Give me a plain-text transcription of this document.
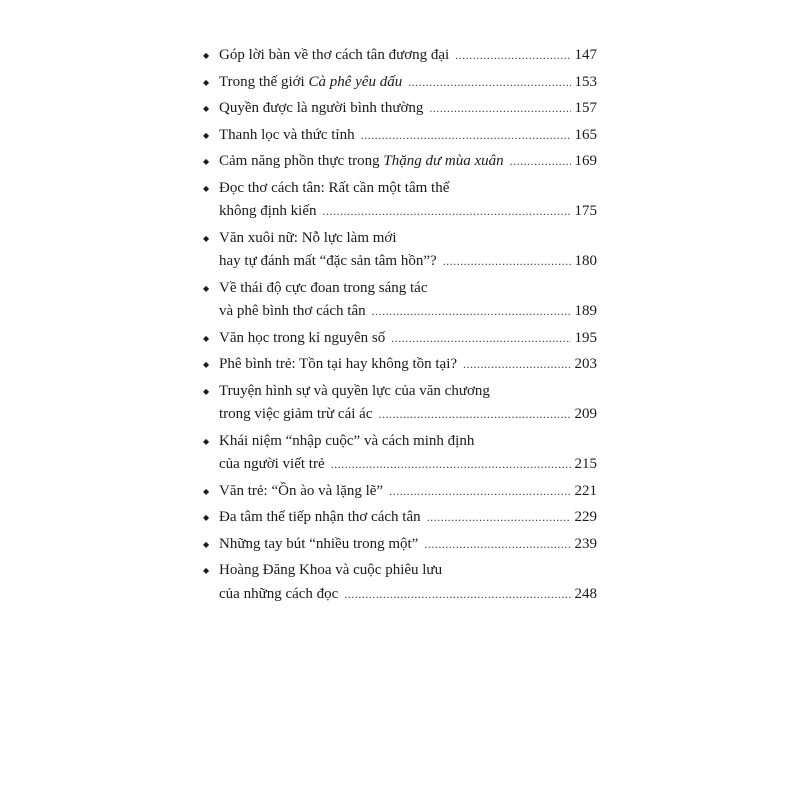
◆ Góp lời bàn về thơ cách tân đương đại .....	147
◆ Trong thế giới Cà phê yêu dấu .....	153
◆ Quyền được là người bình thường .....	157
◆ Thanh lọc và thức tỉnh .....	165
◆ Cảm năng phồn thực trong Thặng dư mùa xuân .....	169
◆ Đọc thơ cách tân: Rất cần một tâm thế
không định kiến .....	175
◆ Văn xuôi nữ: Nỗ lực làm mới
hay tự đánh mất “đặc sản tâm hồn”? .....	180
◆ Về thái độ cực đoan trong sáng tác
và phê bình thơ cách tân .....	189
◆ Văn học trong kỉ nguyên số .....	195
◆ Phê bình trẻ: Tồn tại hay không tồn tại? .....	203
◆ Truyện hình sự và quyền lực của văn chương
trong việc giảm trừ cái ác .....	209
◆ Khái niệm “nhập cuộc” và cách minh định
của người viết trẻ .....	215
◆ Văn trẻ: “Ồn ào và lặng lẽ” .....	221
◆ Đa tâm thế tiếp nhận thơ cách tân .....	229
◆ Những tay bút “nhiều trong một” .....	239
◆ Hoàng Đăng Khoa và cuộc phiêu lưu
của những cách đọc .....	248
